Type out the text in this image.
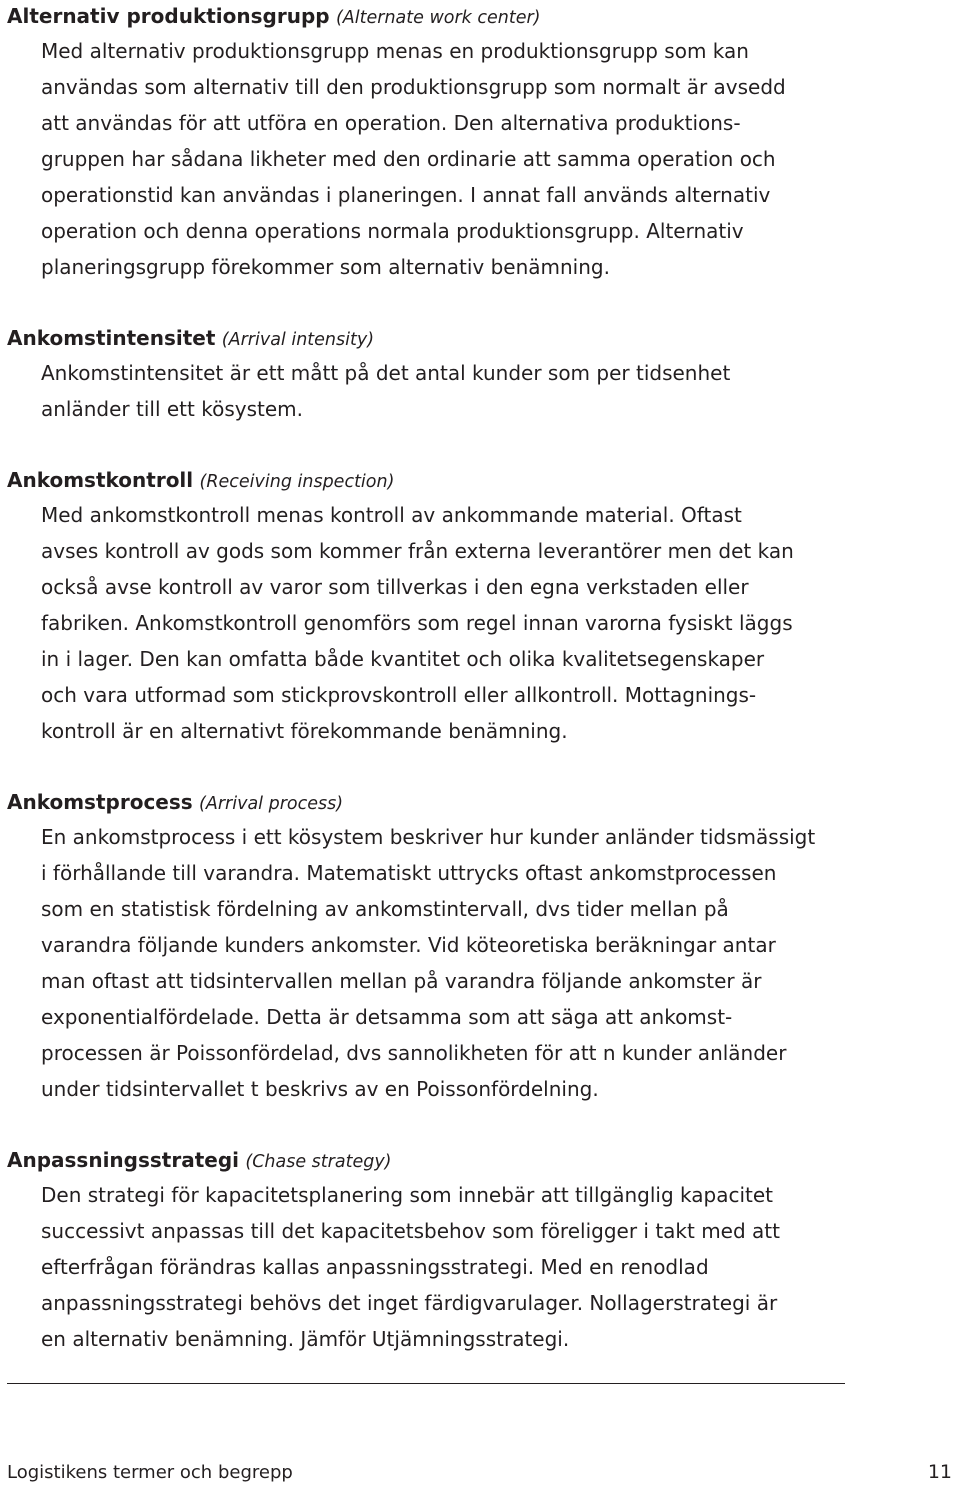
Alternativ produktionsgrupp (Alternate work center)
Med alternativ produktionsgrupp menas en produktionsgrupp som kan
användas som alternativ till den produktionsgrupp som normalt är avsedd
att användas för att utföra en operation. Den alternativa produktions-
gruppen har sådana likheter med den ordinarie att samma operation och
operationstid kan användas i planeringen. I annat fall används alternativ
operation och denna operations normala produktionsgrupp. Alternativ
planeringsgrupp förekommer som alternativ benämning.
Ankomstintensitet (Arrival intensity)
Ankomstintensitet är ett mått på det antal kunder som per tidsenhet
anländer till ett kösystem.
Ankomstkontroll (Receiving inspection)
Med ankomstkontroll menas kontroll av ankommande material. Oftast
avses kontroll av gods som kommer från externa leverantörer men det kan
också avse kontroll av varor som tillverkas i den egna verkstaden eller
fabriken. Ankomstkontroll genomförs som regel innan varorna fysiskt läggs
in i lager. Den kan omfatta både kvantitet och olika kvalitetsegenskaper
och vara utformad som stickprovskontroll eller allkontroll. Mottagnings-
kontroll är en alternativt förekommande benämning.
Ankomstprocess (Arrival process)
En ankomstprocess i ett kösystem beskriver hur kunder anländer tidsmässigt
i förhållande till varandra. Matematiskt uttrycks oftast ankomstprocessen
som en statistisk fördelning av ankomstintervall, dvs tider mellan på
varandra följande kunders ankomster. Vid köteoretiska beräkningar antar
man oftast att tidsintervallen mellan på varandra följande ankomster är
exponentialfördelade. Detta är detsamma som att säga att ankomst-
processen är Poissonfördelad, dvs sannolikheten för att n kunder anländer
under tidsintervallet t beskrivs av en Poissonfördelning.
Anpassningsstrategi (Chase strategy)
Den strategi för kapacitetsplanering som innebär att tillgänglig kapacitet
successivt anpassas till det kapacitetsbehov som föreligger i takt med att
efterfrågan förändras kallas anpassningsstrategi. Med en renodlad
anpassningsstrategi behövs det inget färdigvarulager. Nollagerstrategi är
en alternativ benämning. Jämför Utjämningsstrategi.
Logistikens termer och begrepp	11
